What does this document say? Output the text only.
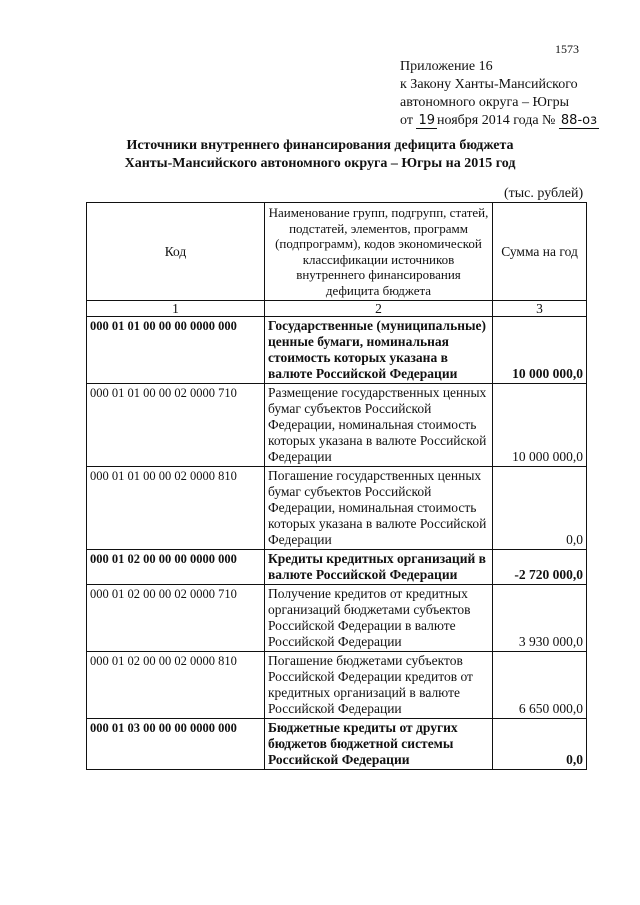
1573
Приложение 16
к Закону Ханты-Мансийского
автономного округа – Югры
от 19 ноября 2014 года № 88-оз
Источники внутреннего финансирования дефицита бюджета
Ханты-Мансийского автономного округа – Югры на 2015 год
(тыс. рублей)
Код	Наименование групп, подгрупп, статей, подстатей, элементов, программ (подпрограмм), кодов экономической классификации источников внутреннего финансирования дефицита бюджета	Сумма на год
1	2	3
000 01 01 00 00 00 0000 000	Государственные (муниципальные) ценные бумаги, номинальная стоимость которых указана в валюте Российской Федерации	10 000 000,0
000 01 01 00 00 02 0000 710	Размещение государственных ценных бумаг субъектов Российской Федерации, номинальная стоимость которых указана в валюте Российской Федерации	10 000 000,0
000 01 01 00 00 02 0000 810	Погашение государственных ценных бумаг субъектов Российской Федерации, номинальная стоимость которых указана в валюте Российской Федерации	0,0
000 01 02 00 00 00 0000 000	Кредиты кредитных организаций в валюте Российской Федерации	-2 720 000,0
000 01 02 00 00 02 0000 710	Получение кредитов от кредитных организаций бюджетами субъектов Российской Федерации в валюте Российской Федерации	3 930 000,0
000 01 02 00 00 02 0000 810	Погашение бюджетами субъектов Российской Федерации кредитов от кредитных организаций в валюте Российской Федерации	6 650 000,0
000 01 03 00 00 00 0000 000	Бюджетные кредиты от других бюджетов бюджетной системы Российской Федерации	0,0
